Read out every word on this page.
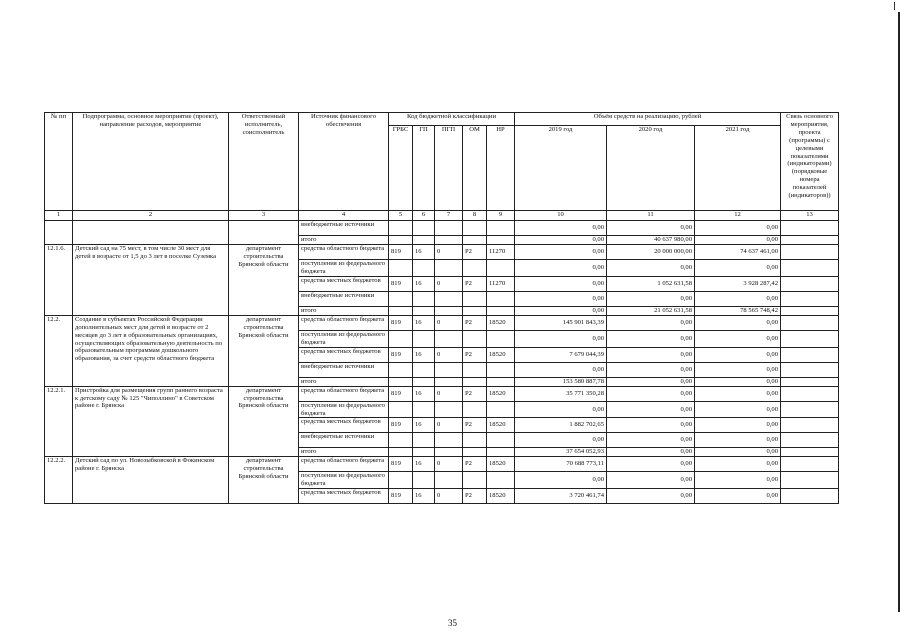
№ пп	Подпрограмма, основное мероприятие (проект), направление расходов, мероприятие	Ответственный исполнитель, соисполнитель	Источник финансового обеспечения	Код бюджетной классификации					Объём средств на реализацию, рублей			Связь основного мероприятия, проекта (программы) с целевыми показателями (индикаторами) (порядковые номера показателей (индикаторов))
				ГРБС	ГП	ПГП	ОМ	НР	2019 год	2020 год	2021 год	
1	2	3	4	5	6	7	8	9	10	11	12	13
			внебюджетные источники						0,00	0,00	0,00	
			итого						0,00	40 637 980,00	0,00	
12.1.6.	Детский сад на 75 мест, в том числе 30 мест для детей в возрасте от 1,5 до 3 лет в поселке Суземка	департамент строительства Брянской области	средства областного бюджета	819	16	0	P2	11270	0,00	20 000 000,00	74 637 461,00	
			поступления из федерального бюджета						0,00	0,00	0,00	
			средства местных бюджетов	819	16	0	P2	11270	0,00	1 052 631,58	3 928 287,42	
			внебюджетные источники						0,00	0,00	0,00	
			итого						0,00	21 052 631,58	78 565 748,42	
12.2.	Создание в субъектах Российской Федерации дополнительных мест для детей в возрасте от 2 месяцев до 3 лет в образовательных организациях, осуществляющих образовательную деятельность по образовательным программам дошкольного образования, за счет средств областного бюджета	департамент строительства Брянской области	средства областного бюджета	819	16	0	P2	18520	145 901 843,39	0,00	0,00	
			поступления из федерального бюджета						0,00	0,00	0,00	
			средства местных бюджетов	819	16	0	P2	18520	7 679 044,39	0,00	0,00	
			внебюджетные источники						0,00	0,00	0,00	
			итого						153 580 887,78	0,00	0,00	
12.2.1.	Пристройка для размещения групп раннего возраста к детскому саду № 125 "Чиполлино" в Советском районе г. Брянска	департамент строительства Брянской области	средства областного бюджета	819	16	0	P2	18520	35 771 350,28	0,00	0,00	
			поступления из федерального бюджета						0,00	0,00	0,00	
			средства местных бюджетов	819	16	0	P2	18520	1 882 702,65	0,00	0,00	
			внебюджетные источники						0,00	0,00	0,00	
			итого						37 654 052,93	0,00	0,00	
12.2.2.	Детский сад по ул. Новозыбковской в Фокинском районе г. Брянска	департамент строительства Брянской области	средства областного бюджета	819	16	0	P2	18520	70 688 773,11	0,00	0,00	
			поступления из федерального бюджета						0,00	0,00	0,00	
			средства местных бюджетов	819	16	0	P2	18520	3 720 461,74	0,00	0,00	
35
